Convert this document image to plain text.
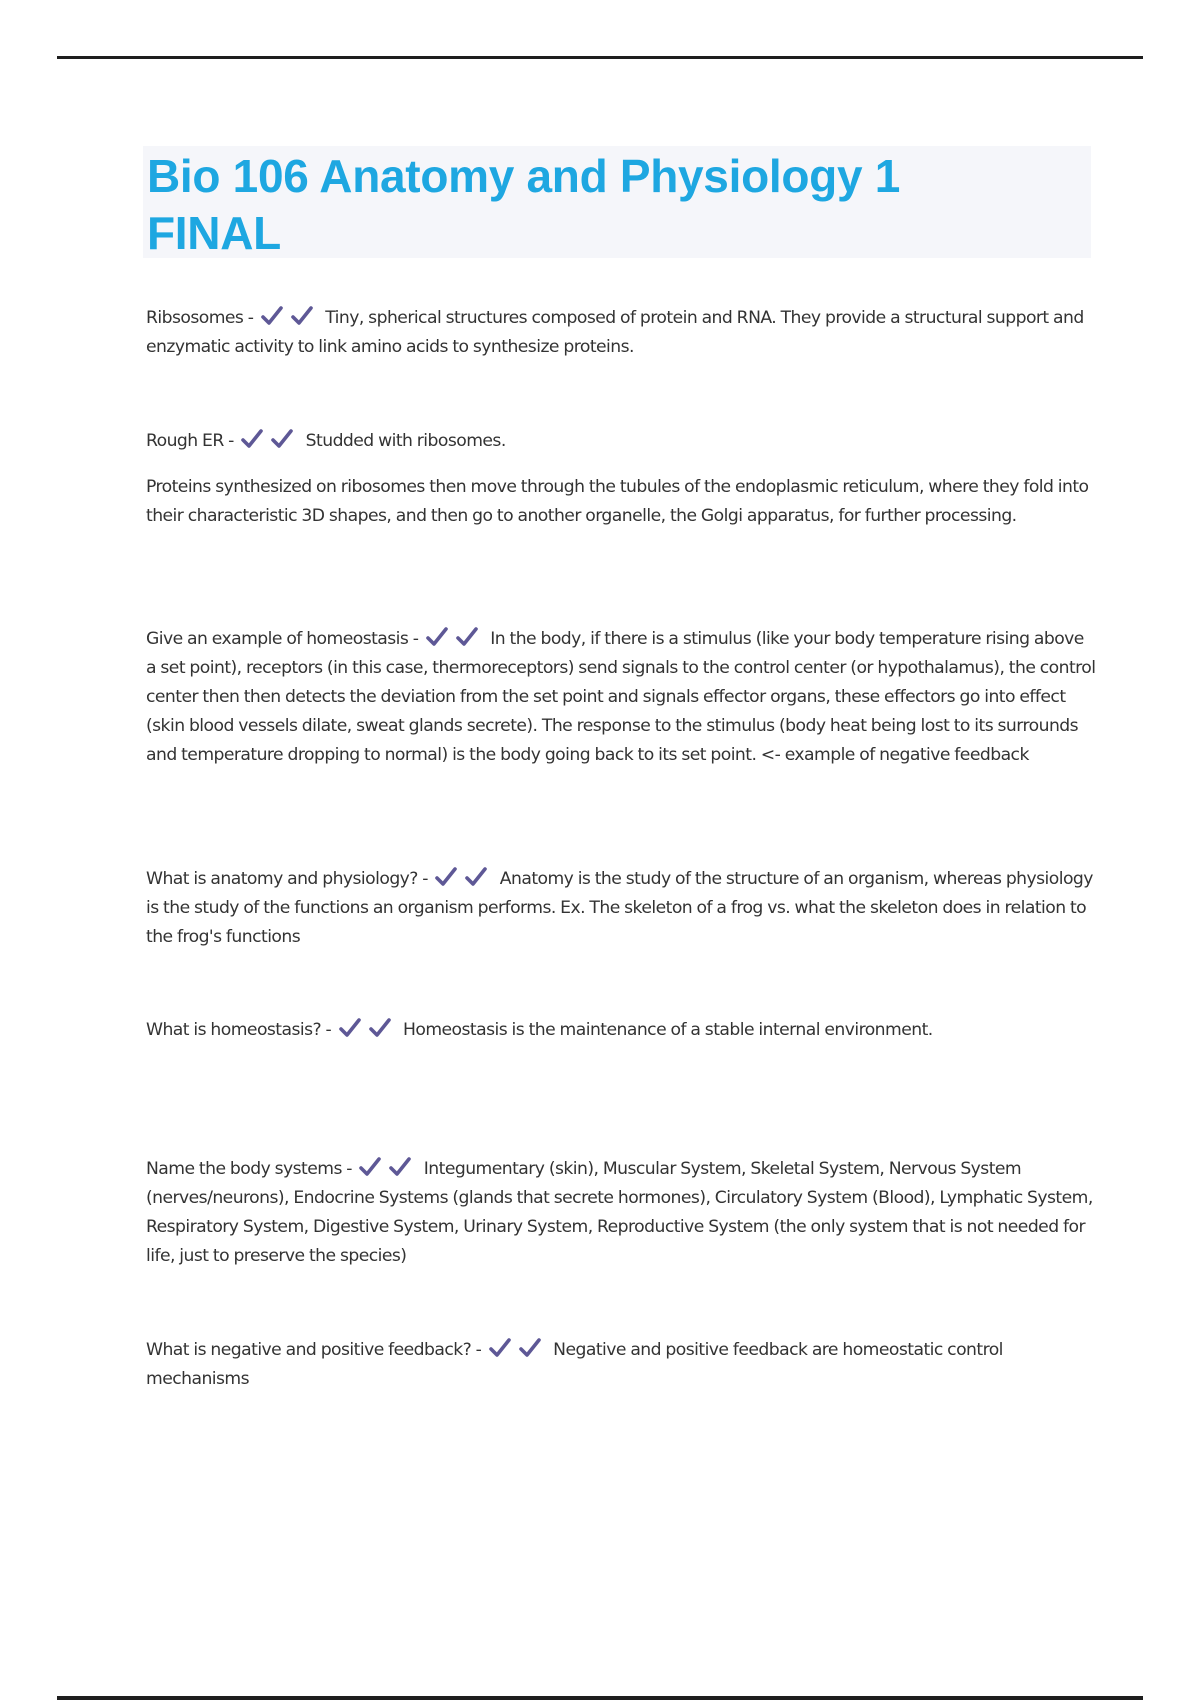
Bio 106 Anatomy and Physiology 1
FINAL

Ribsosomes -	Tiny, spherical structures composed of protein and RNA. They provide a structural support and enzymatic activity to link amino acids to synthesize proteins.

Rough ER -	Studded with ribosomes.

Proteins synthesized on ribosomes then move through the tubules of the endoplasmic reticulum, where they fold into their characteristic 3D shapes, and then go to another organelle, the Golgi apparatus, for further processing.

Give an example of homeostasis -	In the body, if there is a stimulus (like your body temperature rising above a set point), receptors (in this case, thermoreceptors) send signals to the control center (or hypothalamus), the control center then then detects the deviation from the set point and signals effector organs, these effectors go into effect (skin blood vessels dilate, sweat glands secrete). The response to the stimulus (body heat being lost to its surrounds and temperature dropping to normal) is the body going back to its set point. <- example of negative feedback

What is anatomy and physiology? -	Anatomy is the study of the structure of an organism, whereas physiology is the study of the functions an organism performs. Ex. The skeleton of a frog vs. what the skeleton does in relation to the frog's functions

What is homeostasis? -	Homeostasis is the maintenance of a stable internal environment.

Name the body systems -	Integumentary (skin), Muscular System, Skeletal System, Nervous System (nerves/neurons), Endocrine Systems (glands that secrete hormones), Circulatory System (Blood), Lymphatic System, Respiratory System, Digestive System, Urinary System, Reproductive System (the only system that is not needed for life, just to preserve the species)

What is negative and positive feedback? -	Negative and positive feedback are homeostatic control mechanisms
